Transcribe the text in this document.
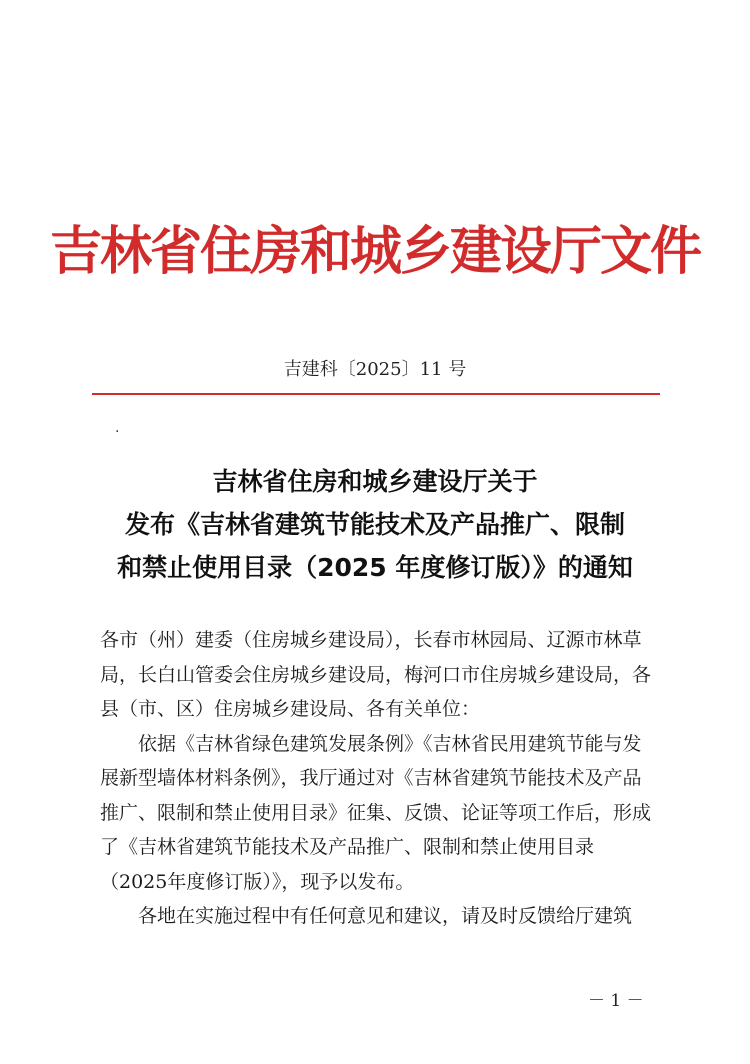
吉林省住房和城乡建设厅文件
吉建科〔2025〕11 号
.
吉林省住房和城乡建设厅关于
发布《吉林省建筑节能技术及产品推广、限制
和禁止使用目录（2025 年度修订版）》的通知

各市（州）建委（住房城乡建设局），长春市林园局、辽源市林草局，长白山管委会住房城乡建设局，梅河口市住房城乡建设局，各县（市、区）住房城乡建设局、各有关单位：

依据《吉林省绿色建筑发展条例》《吉林省民用建筑节能与发展新型墙体材料条例》，我厅通过对《吉林省建筑节能技术及产品推广、限制和禁止使用目录》征集、反馈、论证等项工作后，形成了《吉林省建筑节能技术及产品推广、限制和禁止使用目录（2025年度修订版）》，现予以发布。

各地在实施过程中有任何意见和建议，请及时反馈给厅建筑

－ 1 －
